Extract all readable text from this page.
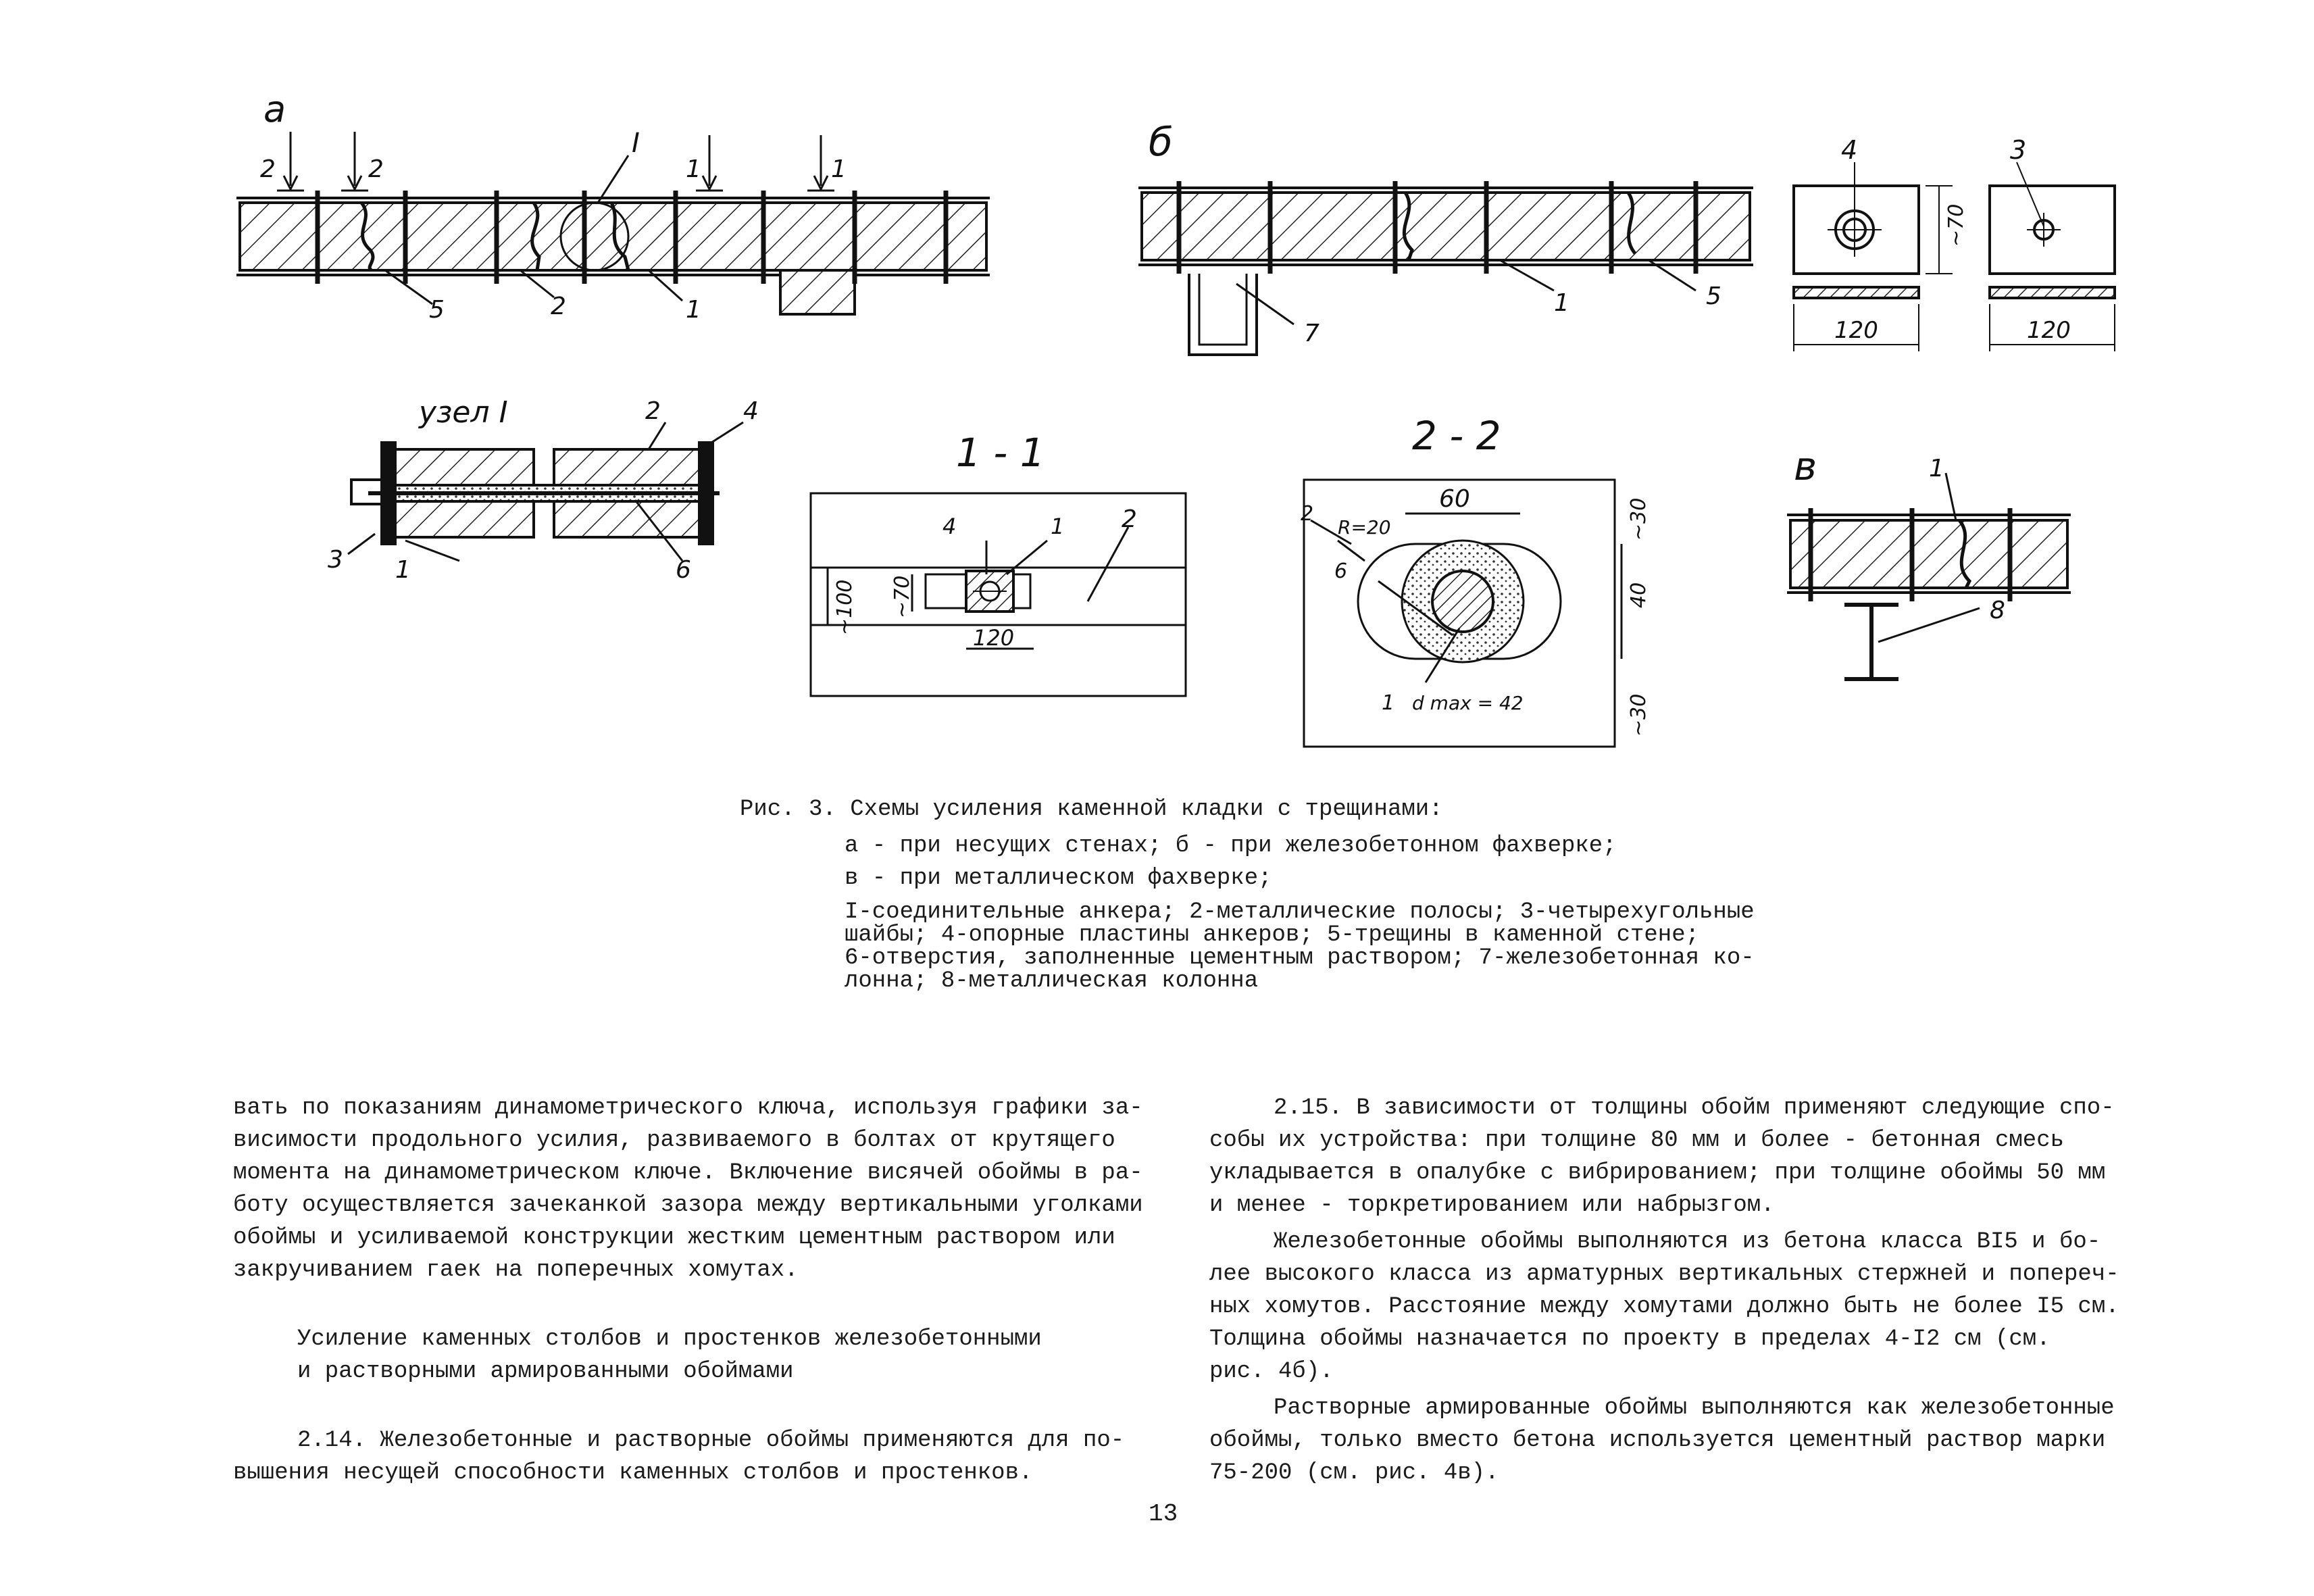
а
2	2	1	1
I
5	2	1
б
7
1	5
4	3
120	120
~70
узел I
3 1
2	4
6
1 - 1
4	1 2
120
~100 ~70
2 - 2
60
2
R=20
6
1 d max = 42
~30
40
~30
в	1
8
Рис. 3. Схемы усиления каменной кладки с трещинами:
а - при несущих стенах; б - при железобетонном фахверке;
в - при металлическом фахверке;
I-соединительные анкера; 2-металлические полосы; 3-четырехугольные
шайбы; 4-опорные пластины анкеров; 5-трещины в каменной стене;
6-отверстия, заполненные цементным раствором; 7-железобетонная ко-
лонна; 8-металлическая колонна
вать по показаниям динамометрического ключа, используя графики за-
висимости продольного усилия, развиваемого в болтах от крутящего
момента на динамометрическом ключе. Включение висячей обоймы в ра-
боту осуществляется зачеканкой зазора между вертикальными уголками
обоймы и усиливаемой конструкции жестким цементным раствором или
закручиванием гаек на поперечных хомутах.
Усиление каменных столбов и простенков железобетонными
и растворными армированными обоймами
2.14. Железобетонные и растворные обоймы применяются для по-
вышения несущей способности каменных столбов и простенков.
2.15. В зависимости от толщины обойм применяют следующие спо-
собы их устройства: при толщине 80 мм и более - бетонная смесь
укладывается в опалубке с вибрированием; при толщине обоймы 50 мм
и менее - торкретированием или набрызгом.
Железобетонные обоймы выполняются из бетона класса BI5 и бо-
лее высокого класса из арматурных вертикальных стержней и попереч-
ных хомутов. Расстояние между хомутами должно быть не более I5 см.
Толщина обоймы назначается по проекту в пределах 4-I2 см (см.
рис. 4б).
Растворные армированные обоймы выполняются как железобетонные
обоймы, только вместо бетона используется цементный раствор марки
75-200 (см. рис. 4в).
13
